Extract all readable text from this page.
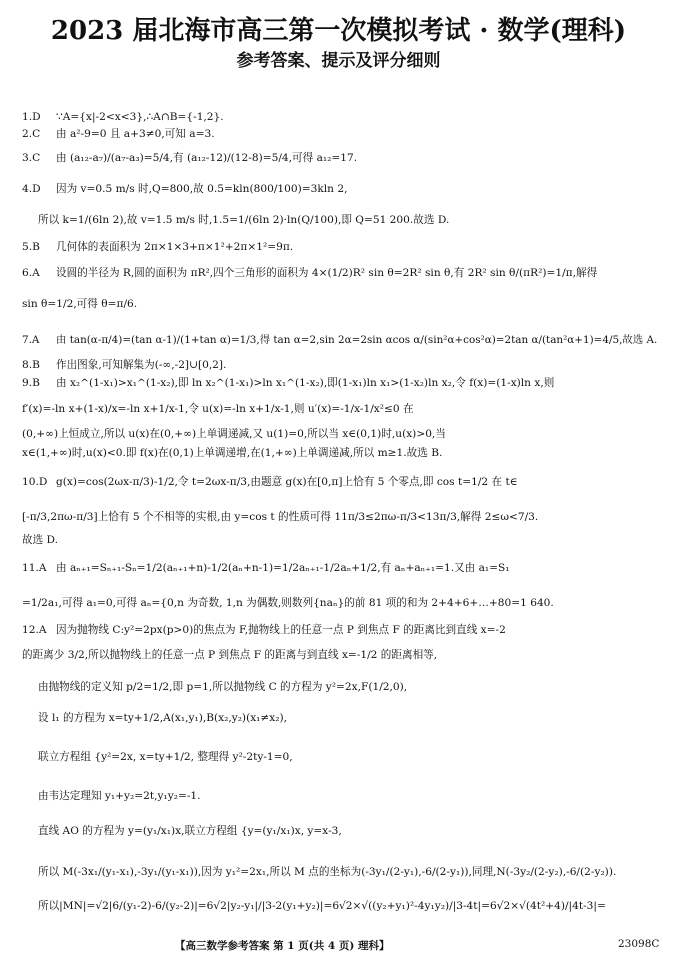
2023 届北海市高三第一次模拟考试 · 数学(理科)
参考答案、提示及评分细则
1.D ∵A={x|-2<x<3},∴A∩B={-1,2}.
2.C 由 a²-9=0 且 a+3≠0,可知 a=3.
3.C 由 (a₁₂-a₇)/(a₇-a₃)=5/4,有 (a₁₂-12)/(12-8)=5/4,可得 a₁₂=17.
4.D 因为 v=0.5 m/s 时,Q=800,故 0.5=kln(800/100)=3kln 2,
所以 k=1/(6ln 2),故 v=1.5 m/s 时,1.5=1/(6ln 2)·ln(Q/100),即 Q=51 200.故选 D.
5.B 几何体的表面积为 2π×1×3+π×1²+2π×1²=9π.
6.A 设圆的半径为 R,圆的面积为 πR²,四个三角形的面积为 4×(1/2)R² sin θ=2R² sin θ,有 2R² sin θ/(πR²)=1/π,解得
sin θ=1/2,可得 θ=π/6.
7.A 由 tan(α-π/4)=(tan α-1)/(1+tan α)=1/3,得 tan α=2,sin 2α=2sin αcos α/(sin²α+cos²α)=2tan α/(tan²α+1)=4/5,故选 A.
8.B 作出图象,可知解集为(-∞,-2]∪[0,2].
9.B 由 x₂^(1-x₁)>x₁^(1-x₂),即 ln x₂^(1-x₁)>ln x₁^(1-x₂),即(1-x₁)ln x₁>(1-x₂)ln x₂,令 f(x)=(1-x)ln x,则
f′(x)=-ln x+(1-x)/x=-ln x+1/x-1,令 u(x)=-ln x+1/x-1,则 u′(x)=-1/x-1/x²≤0 在
(0,+∞)上恒成立,所以 u(x)在(0,+∞)上单调递减,又 u(1)=0,所以当 x∈(0,1)时,u(x)>0,当
x∈(1,+∞)时,u(x)<0.即 f(x)在(0,1)上单调递增,在(1,+∞)上单调递减,所以 m≥1.故选 B.
10.D g(x)=cos(2ωx-π/3)-1/2,令 t=2ωx-π/3,由题意 g(x)在[0,π]上恰有 5 个零点,即 cos t=1/2 在 t∈
[-π/3,2πω-π/3]上恰有 5 个不相等的实根,由 y=cos t 的性质可得 11π/3≤2πω-π/3<13π/3,解得 2≤ω<7/3.
故选 D.
11.A 由 aₙ₊₁=Sₙ₊₁-Sₙ=1/2(aₙ₊₁+n)-1/2(aₙ+n-1)=1/2aₙ₊₁-1/2aₙ+1/2,有 aₙ+aₙ₊₁=1.又由 a₁=S₁
=1/2a₁,可得 a₁=0,可得 aₙ={0,n 为奇数, 1,n 为偶数,则数列{naₙ}的前 81 项的和为 2+4+6+…+80=1 640.
12.A 因为抛物线 C:y²=2px(p>0)的焦点为 F,抛物线上的任意一点 P 到焦点 F 的距离比到直线 x=-2
的距离少 3/2,所以抛物线上的任意一点 P 到焦点 F 的距离与到直线 x=-1/2 的距离相等,
由抛物线的定义知 p/2=1/2,即 p=1,所以抛物线 C 的方程为 y²=2x,F(1/2,0),
设 l₁ 的方程为 x=ty+1/2,A(x₁,y₁),B(x₂,y₂)(x₁≠x₂),
联立方程组 {y²=2x, x=ty+1/2, 整理得 y²-2ty-1=0,
由韦达定理知 y₁+y₂=2t,y₁y₂=-1.
直线 AO 的方程为 y=(y₁/x₁)x,联立方程组 {y=(y₁/x₁)x, y=x-3,
所以 M(-3x₁/(y₁-x₁),-3y₁/(y₁-x₁)),因为 y₁²=2x₁,所以 M 点的坐标为(-3y₁/(2-y₁),-6/(2-y₁)),同理,N(-3y₂/(2-y₂),-6/(2-y₂)).
所以|MN|=√2|6/(y₁-2)-6/(y₂-2)|=6√2|y₂-y₁|/|3-2(y₁+y₂)|=6√2×√((y₂+y₁)²-4y₁y₂)/|3-4t|=6√2×√(4t²+4)/|4t-3|=
【高三数学参考答案 第 1 页(共 4 页) 理科】	23098C
